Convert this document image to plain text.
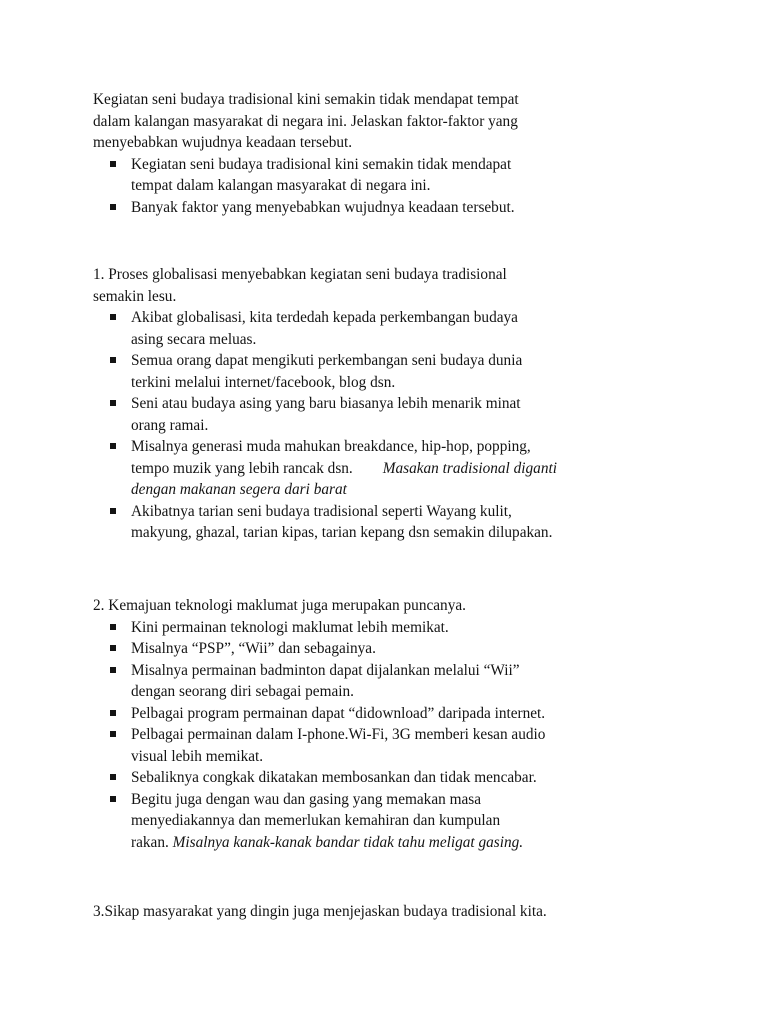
Kegiatan seni budaya tradisional kini semakin tidak mendapat tempat

dalam kalangan masyarakat di negara ini. Jelaskan faktor-faktor yang

menyebabkan wujudnya keadaan tersebut.

Kegiatan seni budaya tradisional kini semakin tidak mendapat
tempat dalam kalangan masyarakat di negara ini.
Banyak faktor yang menyebabkan wujudnya keadaan tersebut.

1. Proses globalisasi menyebabkan kegiatan seni budaya tradisional

semakin lesu.

Akibat globalisasi, kita terdedah kepada perkembangan budaya
asing secara meluas.
Semua orang dapat mengikuti perkembangan seni budaya dunia
terkini melalui internet/facebook, blog dsn.
Seni atau budaya asing yang baru biasanya lebih menarik minat
orang ramai.
Misalnya generasi muda mahukan breakdance, hip-hop, popping,
tempo muzik yang lebih rancak dsn. Masakan tradisional diganti
dengan makanan segera dari barat
Akibatnya tarian seni budaya tradisional seperti Wayang kulit,
makyung, ghazal, tarian kipas, tarian kepang dsn semakin dilupakan.

2. Kemajuan teknologi maklumat juga merupakan puncanya.

Kini permainan teknologi maklumat lebih memikat.
Misalnya “PSP”, “Wii” dan sebagainya.
Misalnya permainan badminton dapat dijalankan melalui “Wii”
dengan seorang diri sebagai pemain.
Pelbagai program permainan dapat “didownload” daripada internet.
Pelbagai permainan dalam I-phone.Wi-Fi, 3G memberi kesan audio
visual lebih memikat.
Sebaliknya congkak dikatakan membosankan dan tidak mencabar.
Begitu juga dengan wau dan gasing yang memakan masa
menyediakannya dan memerlukan kemahiran dan kumpulan
rakan. Misalnya kanak-kanak bandar tidak tahu meligat gasing.

3.Sikap masyarakat yang dingin juga menjejaskan budaya tradisional kita.
